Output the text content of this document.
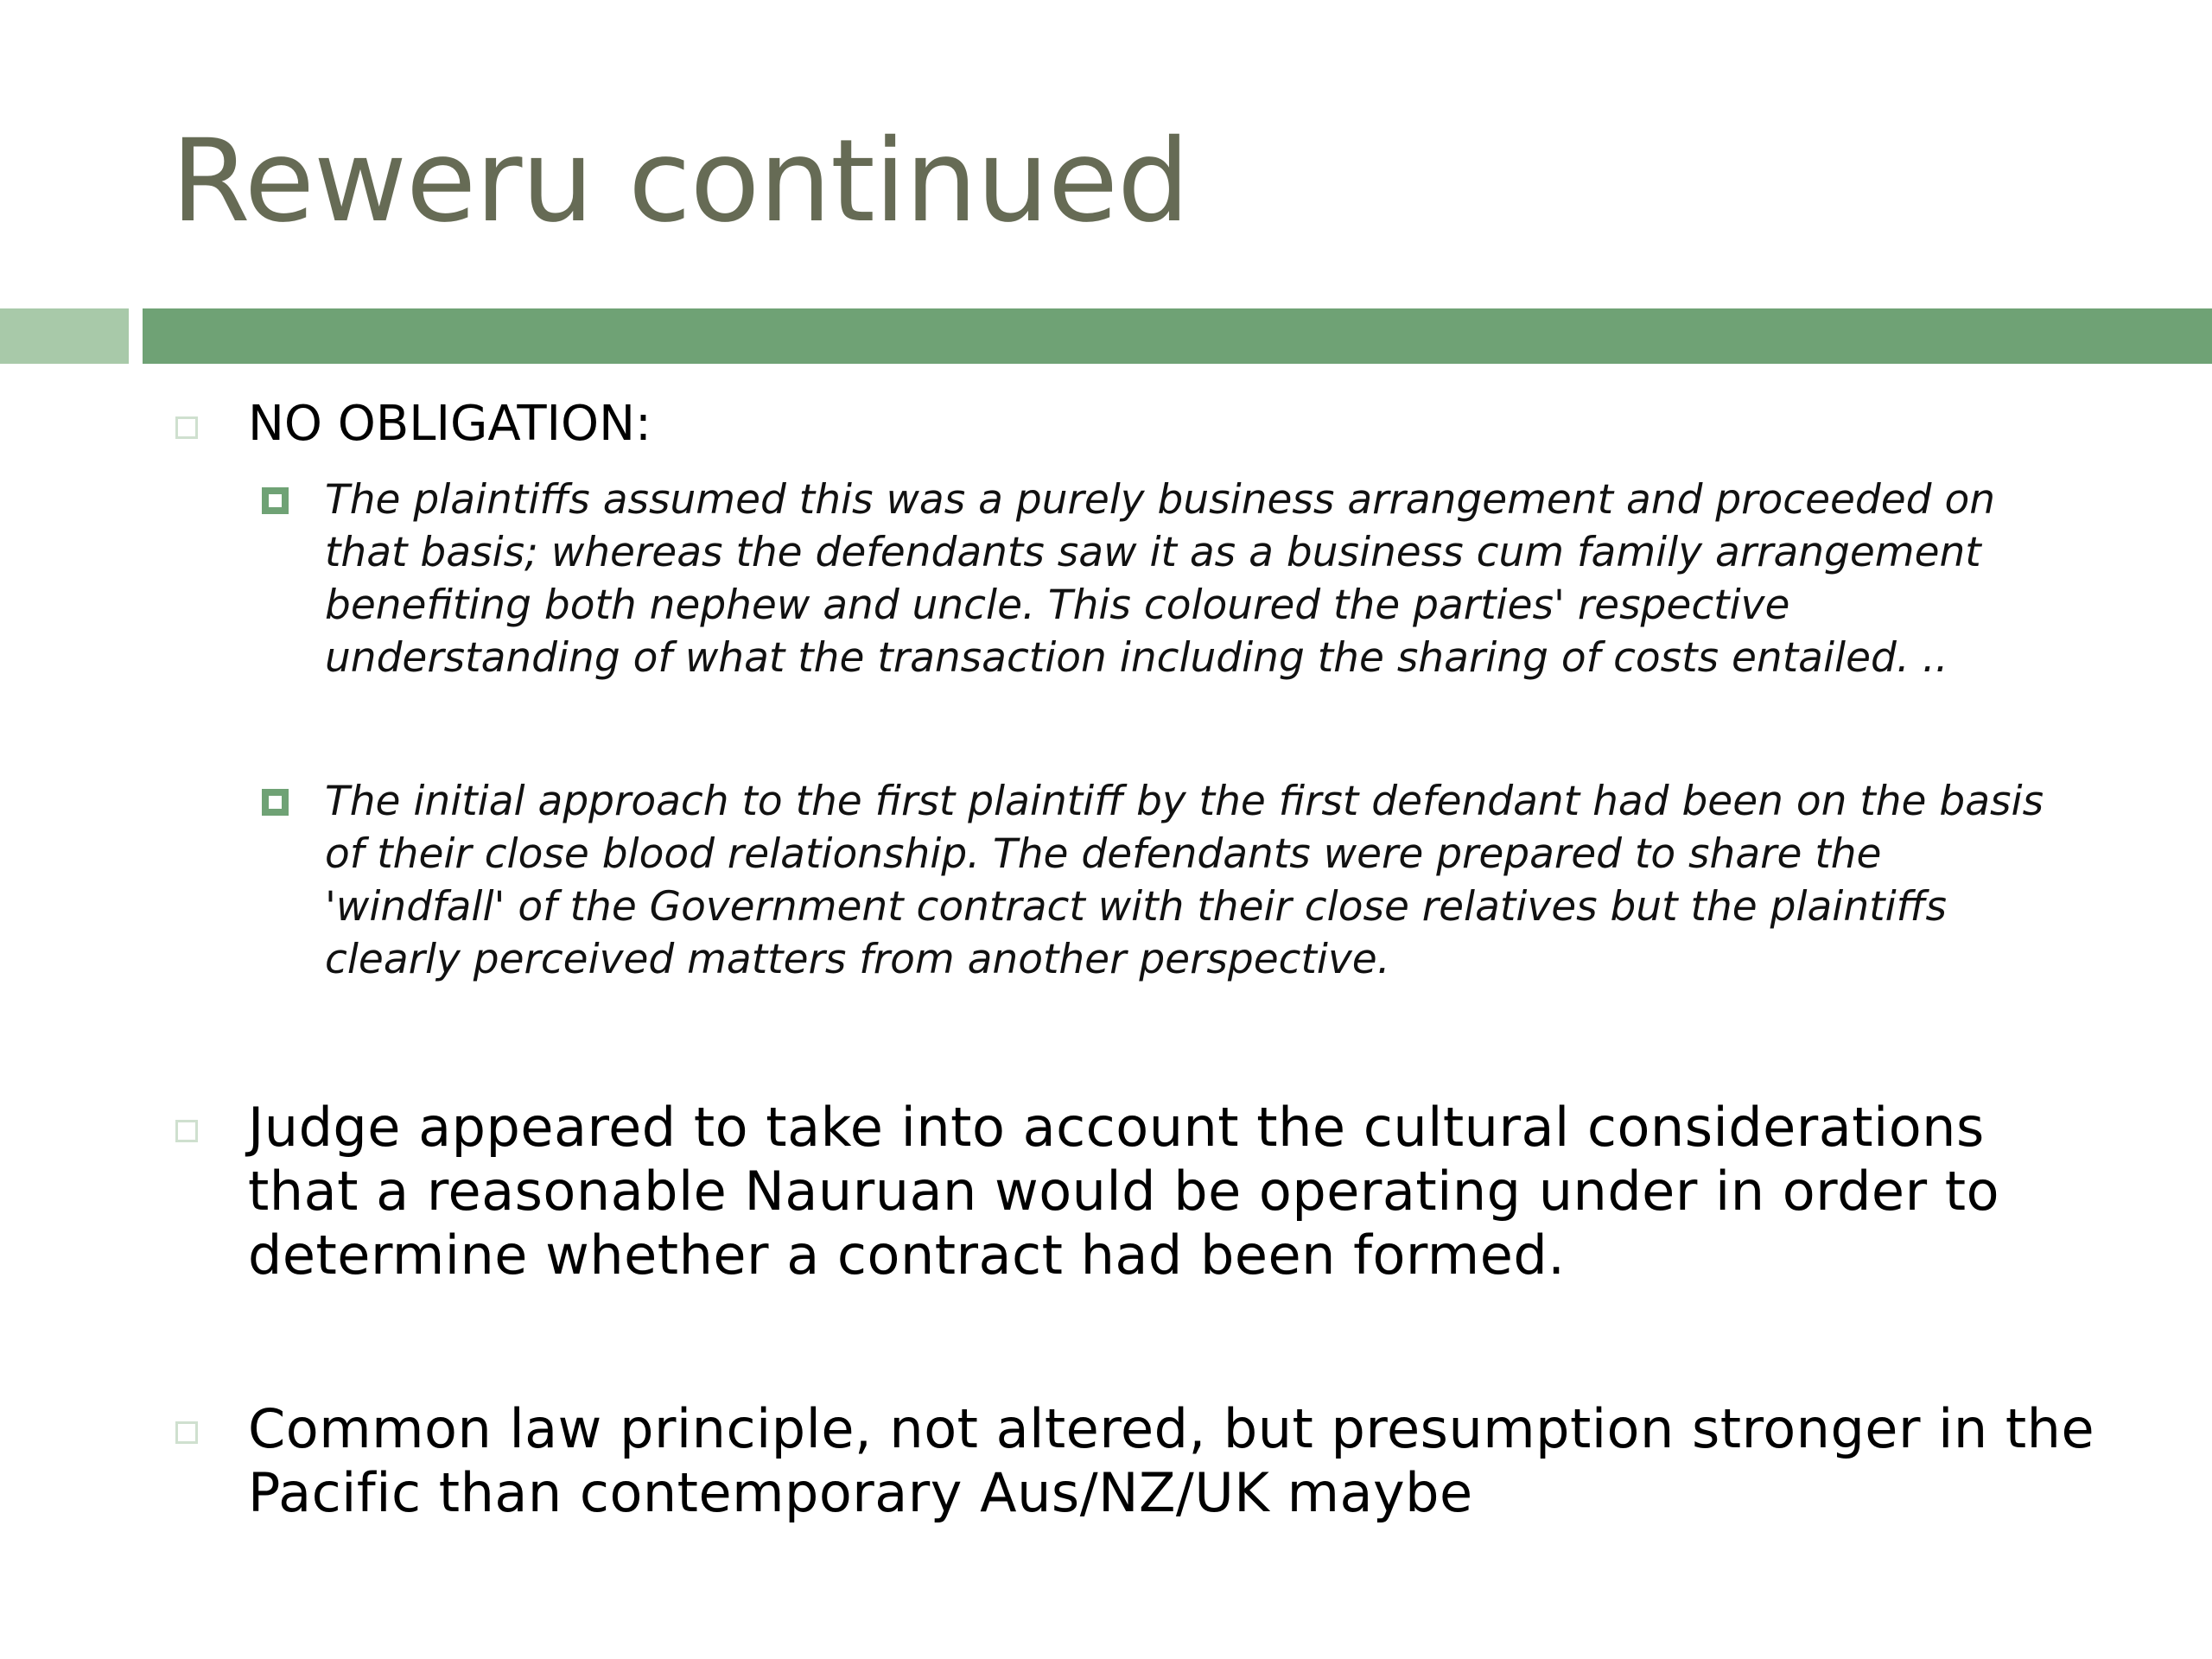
Reweru continued

NO OBLIGATION:

The plaintiffs assumed this was a purely business arrangement and proceeded on that basis; whereas the defendants saw it as a business cum family arrangement benefiting both nephew and uncle. This coloured the parties' respective understanding of what the transaction including the sharing of costs entailed. ..

The initial approach to the first plaintiff by the first defendant had been on the basis of their close blood relationship. The defendants were prepared to share the 'windfall' of the Government contract with their close relatives but the plaintiffs clearly perceived matters from another perspective.

Judge appeared to take into account the cultural considerations that a reasonable Nauruan would be operating under in order to determine whether a contract had been formed.

Common law principle, not altered, but presumption stronger in the Pacific than contemporary Aus/NZ/UK maybe
